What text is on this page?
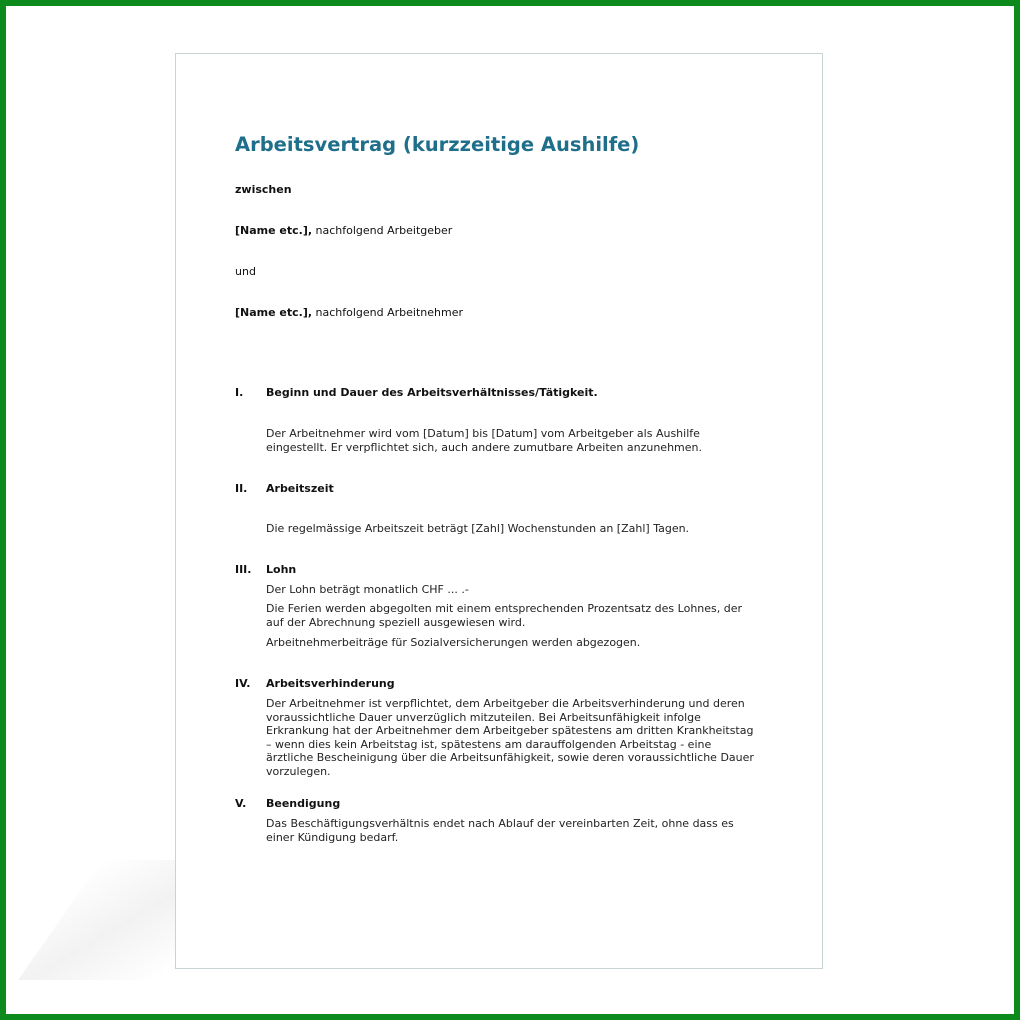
Arbeitsvertrag (kurzzeitige Aushilfe)
zwischen
[Name etc.], nachfolgend Arbeitgeber
und
[Name etc.], nachfolgend Arbeitnehmer
I. Beginn und Dauer des Arbeitsverhältnisses/Tätigkeit.

Der Arbeitnehmer wird vom [Datum] bis [Datum] vom Arbeitgeber als Aushilfe
eingestellt. Er verpflichtet sich, auch andere zumutbare Arbeiten anzunehmen.

II. Arbeitszeit

Die regelmässige Arbeitszeit beträgt [Zahl] Wochenstunden an [Zahl] Tagen.

III. Lohn

Der Lohn beträgt monatlich CHF ... .-

Die Ferien werden abgegolten mit einem entsprechenden Prozentsatz des Lohnes, der
auf der Abrechnung speziell ausgewiesen wird.

Arbeitnehmerbeiträge für Sozialversicherungen werden abgezogen.

IV. Arbeitsverhinderung

Der Arbeitnehmer ist verpflichtet, dem Arbeitgeber die Arbeitsverhinderung und deren
voraussichtliche Dauer unverzüglich mitzuteilen. Bei Arbeitsunfähigkeit infolge
Erkrankung hat der Arbeitnehmer dem Arbeitgeber spätestens am dritten Krankheitstag
– wenn dies kein Arbeitstag ist, spätestens am darauffolgenden Arbeitstag - eine
ärztliche Bescheinigung über die Arbeitsunfähigkeit, sowie deren voraussichtliche Dauer
vorzulegen.

V. Beendigung

Das Beschäftigungsverhältnis endet nach Ablauf der vereinbarten Zeit, ohne dass es
einer Kündigung bedarf.
